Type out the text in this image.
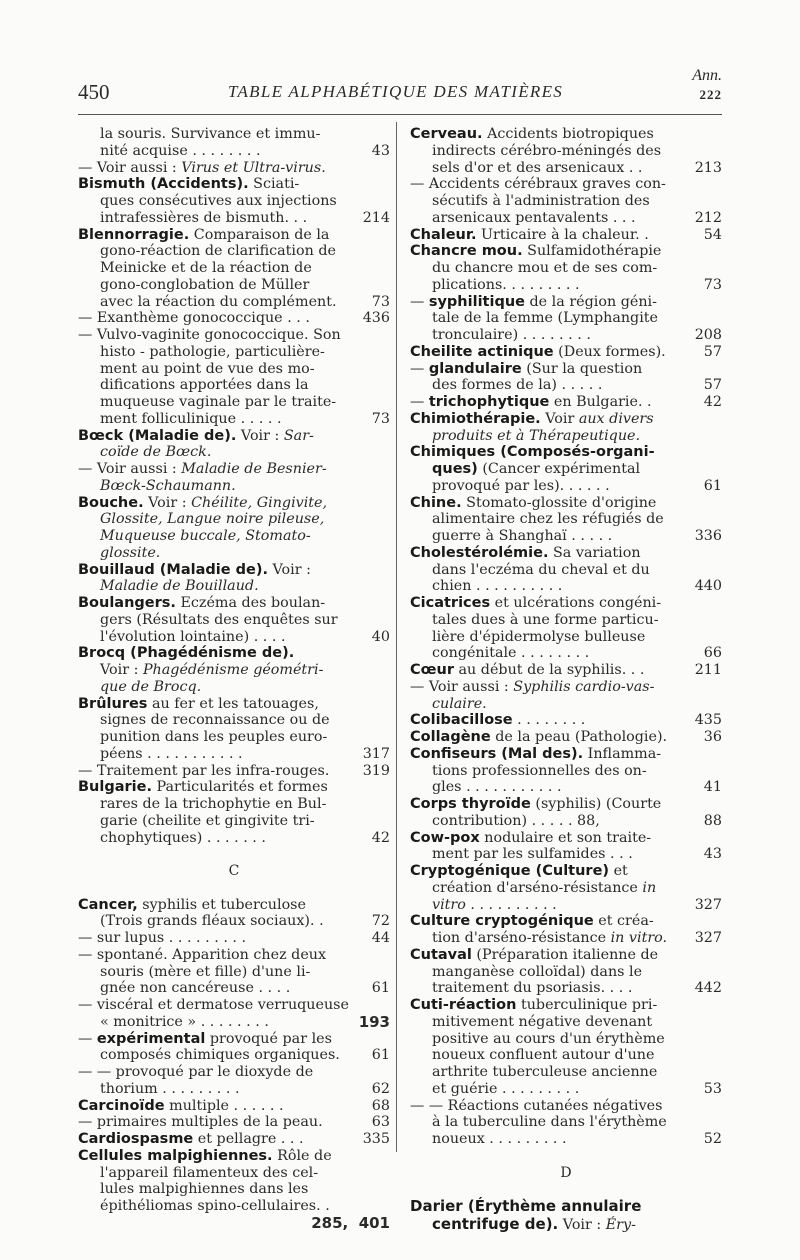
450	TABLE ALPHABÉTIQUE DES MATIÈRES
Ann.
222
la souris. Survivance et immu-
nité acquise . . . . . . . .	43
— Voir aussi : Virus et Ultra-virus.
Bismuth (Accidents). Sciati-
ques consécutives aux injections
intrafessières de bismuth. . .	214
Blennorragie. Comparaison de la
gono-réaction de clarification de
Meinicke et de la réaction de
gono-conglobation de Müller
avec la réaction du complément. 73
— Exanthème gonococcique . . .	436
— Vulvo-vaginite gonococcique. Son
histo - pathologie, particulière-
ment au point de vue des mo-
difications apportées dans la
muqueuse vaginale par le traite-
ment folliculinique . . . . .	73
Bœck (Maladie de). Voir : Sar-
coïde de Bœck.
— Voir aussi : Maladie de Besnier-
Bœck-Schaumann.
Bouche. Voir : Chéilite, Gingivite,
Glossite, Langue noire pileuse,
Muqueuse buccale, Stomato-
glossite.
Bouillaud (Maladie de). Voir :
Maladie de Bouillaud.
Boulangers. Eczéma des boulan-
gers (Résultats des enquêtes sur
l'évolution lointaine) . . . .	40
Brocq (Phagédénisme de).
Voir : Phagédénisme géométri-
que de Brocq.
Brûlures au fer et les tatouages,
signes de reconnaissance ou de
punition dans les peuples euro-
péens . . . . . . . . . . .	317
— Traitement par les infra-rouges. 319
Bulgarie. Particularités et formes
rares de la trichophytie en Bul-
garie (cheilite et gingivite tri-
chophytiques) . . . . . . .	42
C
Cancer, syphilis et tuberculose
(Trois grands fléaux sociaux). .	72
— sur lupus . . . . . . . . .	44
— spontané. Apparition chez deux
souris (mère et fille) d'une li-
gnée non cancéreuse . . . .	61
— viscéral et dermatose verruqueuse
« monitrice » . . . . . . . .	193
— expérimental provoqué par les
composés chimiques organiques. 61
— — provoqué par le dioxyde de
thorium . . . . . . . . .	62
Carcinoïde multiple . . . . . .	68
— primaires multiples de la peau.	63
Cardiospasme et pellagre . . .	335
Cellules malpighiennes. Rôle de
l'appareil filamenteux des cel-
lules malpighiennes dans les
épithéliomas spino-cellulaires. .
285,  401
Cerveau. Accidents biotropiques
indirects cérébro-méningés des
sels d'or et des arsenicaux . .	213
— Accidents cérébraux graves con-
sécutifs à l'administration des
arsenicaux pentavalents . . .	212
Chaleur. Urticaire à la chaleur. .	54
Chancre mou. Sulfamidothérapie
du chancre mou et de ses com-
plications. . . . . . . . .	73
— syphilitique de la région géni-
tale de la femme (Lymphangite
tronculaire) . . . . . . . .	208
Cheilite actinique (Deux formes).	57
— glandulaire (Sur la question
des formes de la) . . . . .	57
— trichophytique en Bulgarie. .	42
Chimiothérapie. Voir aux divers
produits et à Thérapeutique.
Chimiques (Composés-organi-
ques) (Cancer expérimental
provoqué par les). . . . . .	61
Chine. Stomato-glossite d'origine
alimentaire chez les réfugiés de
guerre à Shanghaï . . . . .	336
Cholestérolémie. Sa variation
dans l'eczéma du cheval et du
chien . . . . . . . . . .	440
Cicatrices et ulcérations congéni-
tales dues à une forme particu-
lière d'épidermolyse bulleuse
congénitale . . . . . . . .	66
Cœur au début de la syphilis. . .	211
— Voir aussi : Syphilis cardio-vas-
culaire.
Colibacillose . . . . . . . .	435
Collagène de la peau (Pathologie).	36
Confiseurs (Mal des). Inflamma-
tions professionnelles des on-
gles . . . . . . . . . . .	41
Corps thyroïde (syphilis) (Courte
contribution) . . . . . 88,	88
Cow-pox nodulaire et son traite-
ment par les sulfamides . . .	43
Cryptogénique (Culture) et
création d'arséno-résistance in
vitro . . . . . . . . . .	327
Culture cryptogénique et créa-
tion d'arséno-résistance in vitro. 327
Cutaval (Préparation italienne de
manganèse colloïdal) dans le
traitement du psoriasis. . . .	442
Cuti-réaction tuberculinique pri-
mitivement négative devenant
positive au cours d'un érythème
noueux confluent autour d'une
arthrite tuberculeuse ancienne
et guérie . . . . . . . . .	53
— — Réactions cutanées négatives
à la tuberculine dans l'érythème
noueux . . . . . . . . .	52
D
Darier (Érythème annulaire
centrifuge de). Voir : Éry-
